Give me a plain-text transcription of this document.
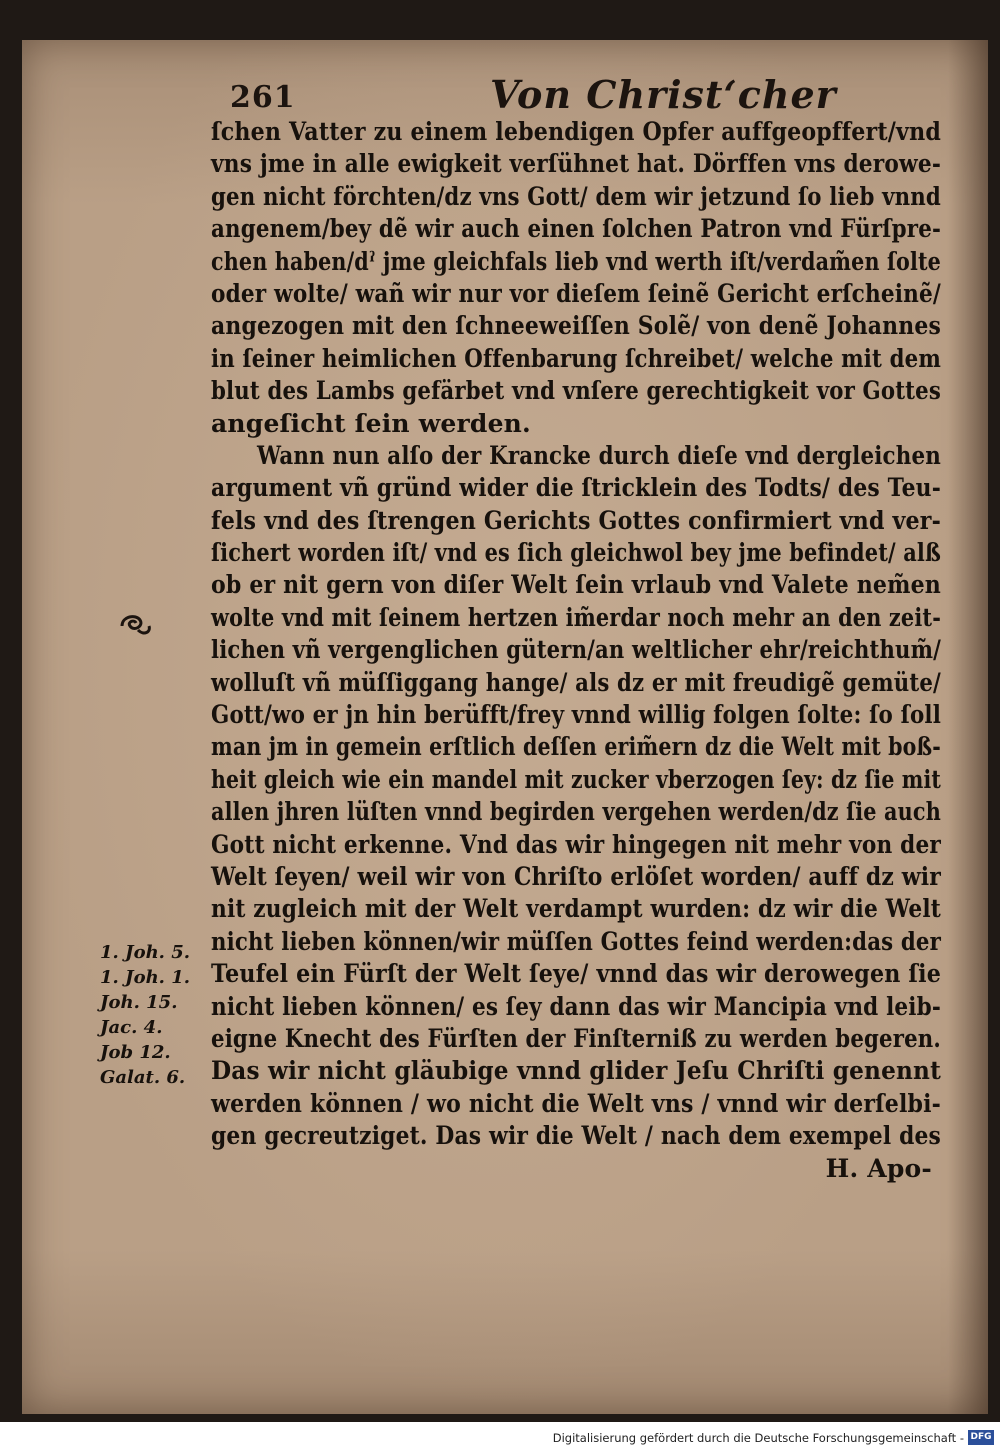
261	Von Christ‘cher
ſchen Vatter zu einem lebendigen Opfer auffgeopffert/vnd
vns jme in alle ewigkeit verſühnet hat. Dörffen vns derowe-
gen nicht förchten/dz vns Gott/ dem wir jetzund ſo lieb vnnd
angenem/bey dẽ wir auch einen ſolchen Patron vnd Fürſpre-
chen haben/dˀ jme gleichfals lieb vnd werth iſt/verdam̃en ſolte
oder wolte/ wañ wir nur vor dieſem ſeinẽ Gericht erſcheinẽ/
angezogen mit den ſchneeweiſſen Solẽ/ von denẽ Johannes
in ſeiner heimlichen Offenbarung ſchreibet/ welche mit dem
blut des Lambs gefärbet vnd vnſere gerechtigkeit vor Gottes
angeſicht ſein werden.
Wann nun alſo der Krancke durch dieſe vnd dergleichen
argument vñ gründ wider die ſtricklein des Todts/ des Teu-
fels vnd des ſtrengen Gerichts Gottes confirmiert vnd ver-
ſichert worden iſt/ vnd es ſich gleichwol bey jme befindet/ alß
ob er nit gern von diſer Welt ſein vrlaub vnd Valete nem̃en
wolte vnd mit ſeinem hertzen im̃erdar noch mehr an den zeit-
lichen vñ vergenglichen gütern/an weltlicher ehr/reichthum̃/
wolluſt vñ müſſiggang hange/ als dz er mit freudigẽ gemüte/
Gott/wo er jn hin berüfft/frey vnnd willig folgen ſolte: ſo ſoll
man jm in gemein erſtlich deſſen erim̃ern dz die Welt mit boß-
heit gleich wie ein mandel mit zucker vberzogen ſey: dz ſie mit
allen jhren lüſten vnnd begirden vergehen werden/dz ſie auch
Gott nicht erkenne. Vnd das wir hingegen nit mehr von der
Welt ſeyen/ weil wir von Chriſto erlöſet worden/ auff dz wir
nit zugleich mit der Welt verdampt wurden: dz wir die Welt
nicht lieben können/wir müſſen Gottes feind werden:das der
Teufel ein Fürſt der Welt ſeye/ vnnd das wir derowegen ſie
nicht lieben können/ es ſey dann das wir Mancipia vnd leib-
eigne Knecht des Fürſten der Finſterniß zu werden begeren.
Das wir nicht gläubige vnnd glider Jeſu Chriſti genennt
werden können / wo nicht die Welt vns / vnnd wir derſelbi-
gen gecreutziget. Das wir die Welt / nach dem exempel des
H. Apo-
1. Joh. 5.
1. Joh. 1.
Joh. 15.
Jac. 4.
Job 12.
Galat. 6.
Digitalisierung gefördert durch die Deutsche Forschungsgemeinschaft - DFG
